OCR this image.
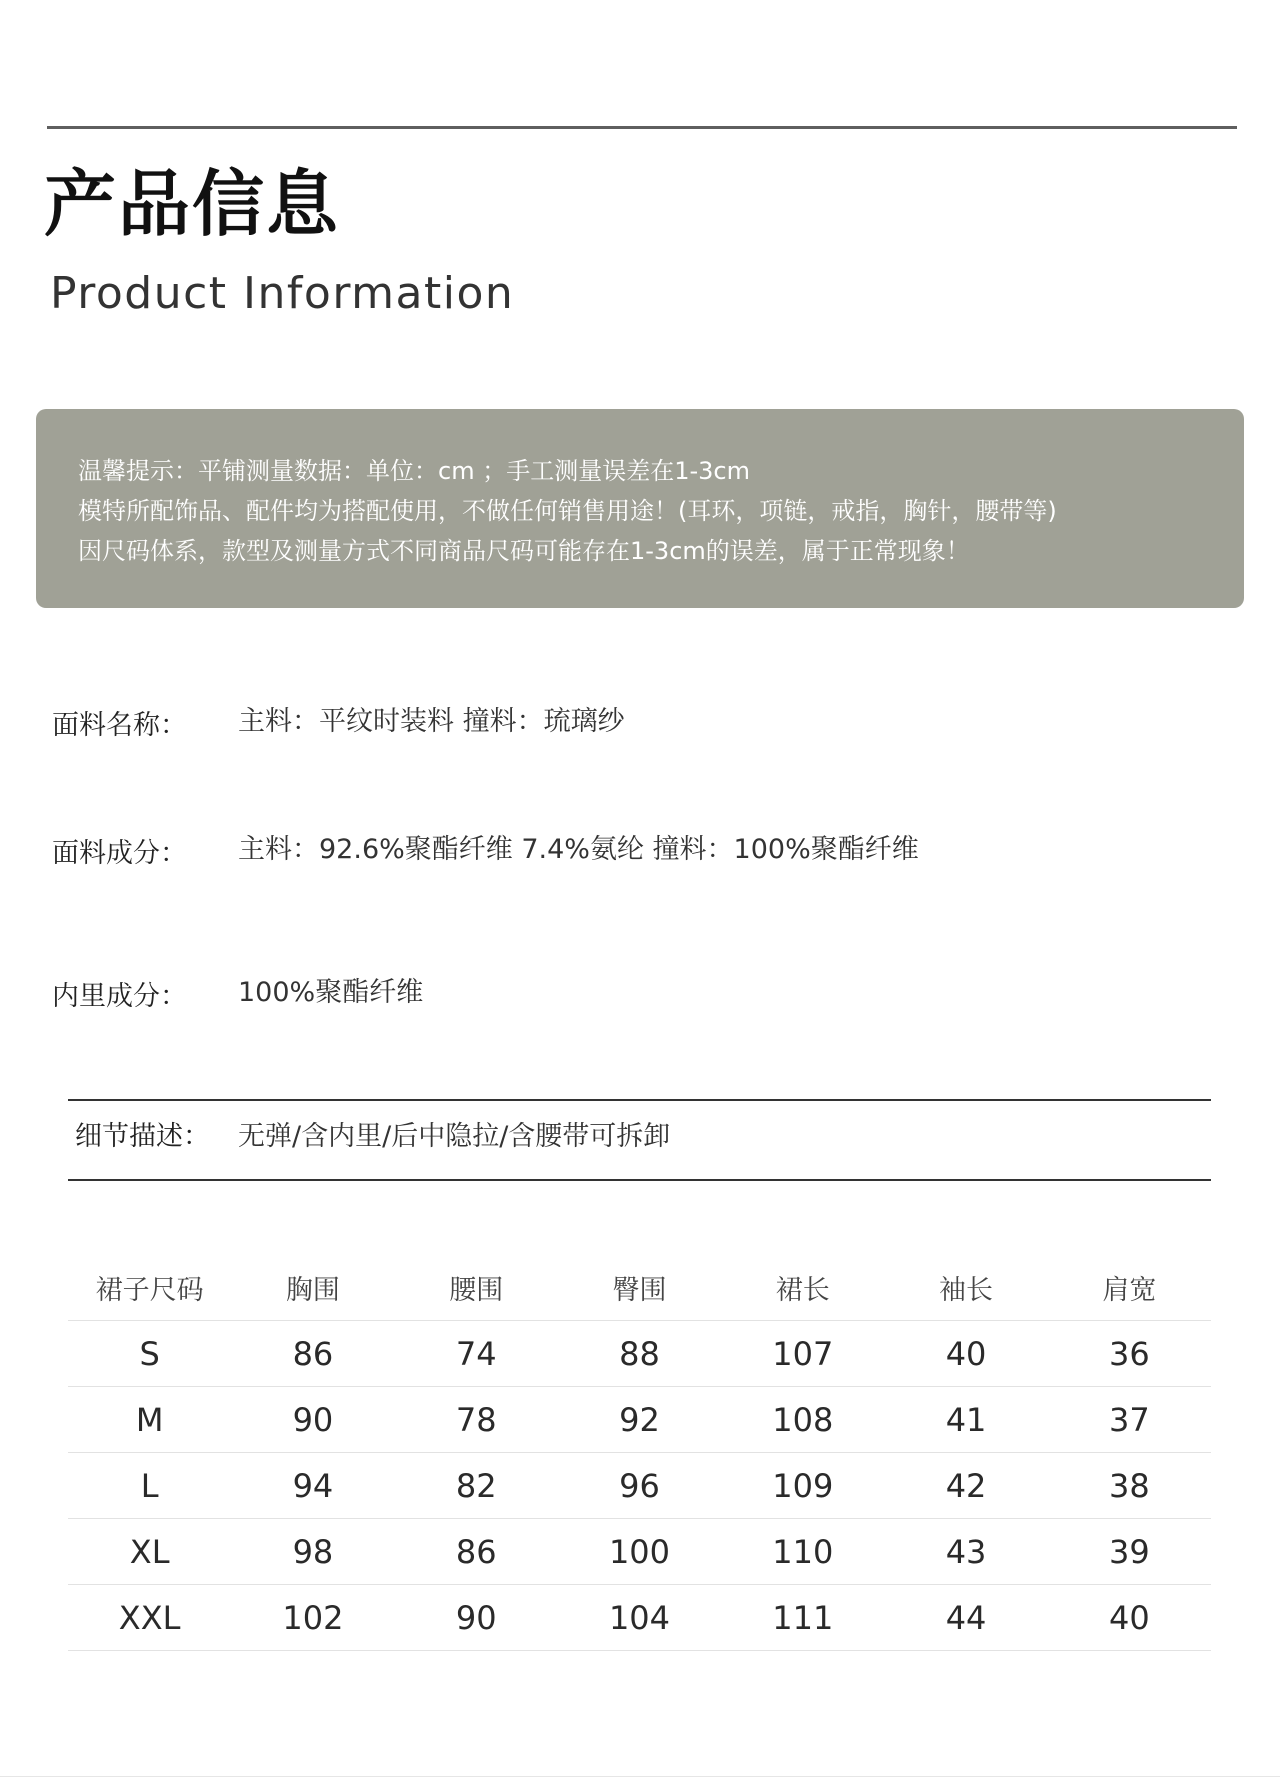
产品信息
Product Information
温馨提示：平铺测量数据：单位：cm ；手工测量误差在1-3cm
模特所配饰品、配件均为搭配使用，不做任何销售用途！(耳环，项链，戒指，胸针，腰带等)
因尺码体系，款型及测量方式不同商品尺码可能存在1-3cm的误差，属于正常现象！
面料名称： 主料：平纹时装料 撞料：琉璃纱
面料成分： 主料：92.6%聚酯纤维 7.4%氨纶 撞料：100%聚酯纤维
内里成分： 100%聚酯纤维
细节描述： 无弹/含内里/后中隐拉/含腰带可拆卸
裙子尺码	胸围	腰围	臀围	裙长	袖长	肩宽
S	86	74	88	107	40	36
M	90	78	92	108	41	37
L	94	82	96	109	42	38
XL	98	86	100	110	43	39
XXL	102	90	104	111	44	40
